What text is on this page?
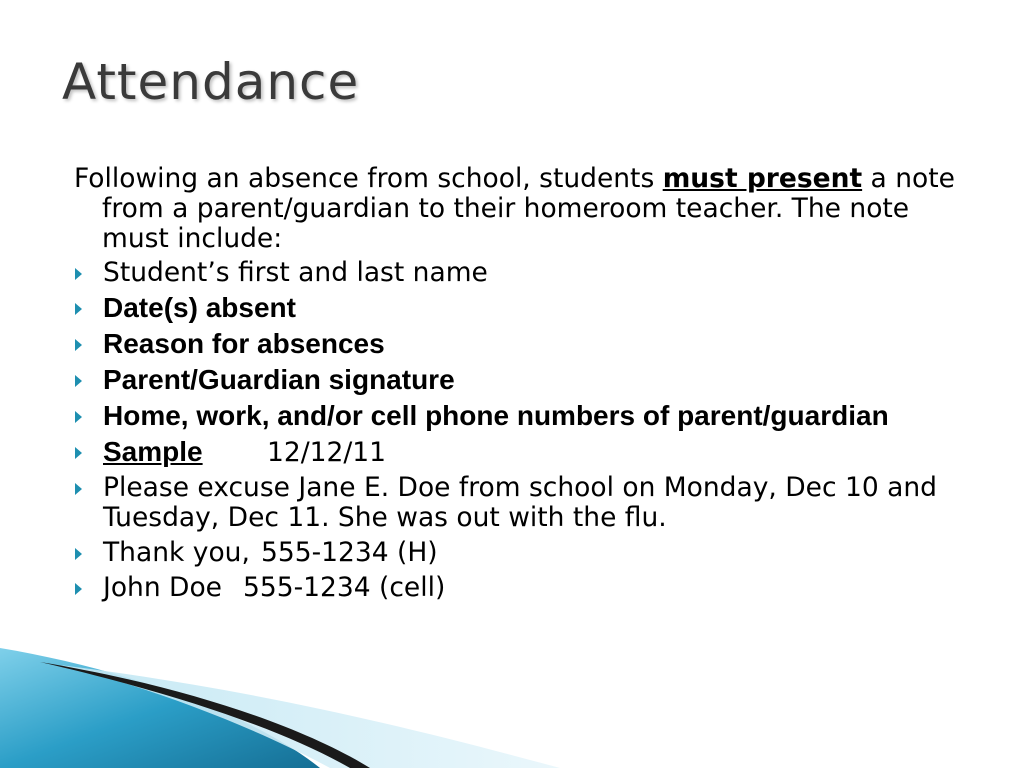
Attendance
Following an absence from school, students must present a note from a parent/guardian to their homeroom teacher. The note must include:
Student’s first and last name
Date(s) absent
Reason for absences
Parent/Guardian signature
Home, work, and/or cell phone numbers of parent/guardian
Sample 12/12/11
Please excuse Jane E. Doe from school on Monday, Dec 10 and Tuesday, Dec 11. She was out with the flu.
Thank you, 555-1234 (H)
John Doe 555-1234 (cell)
